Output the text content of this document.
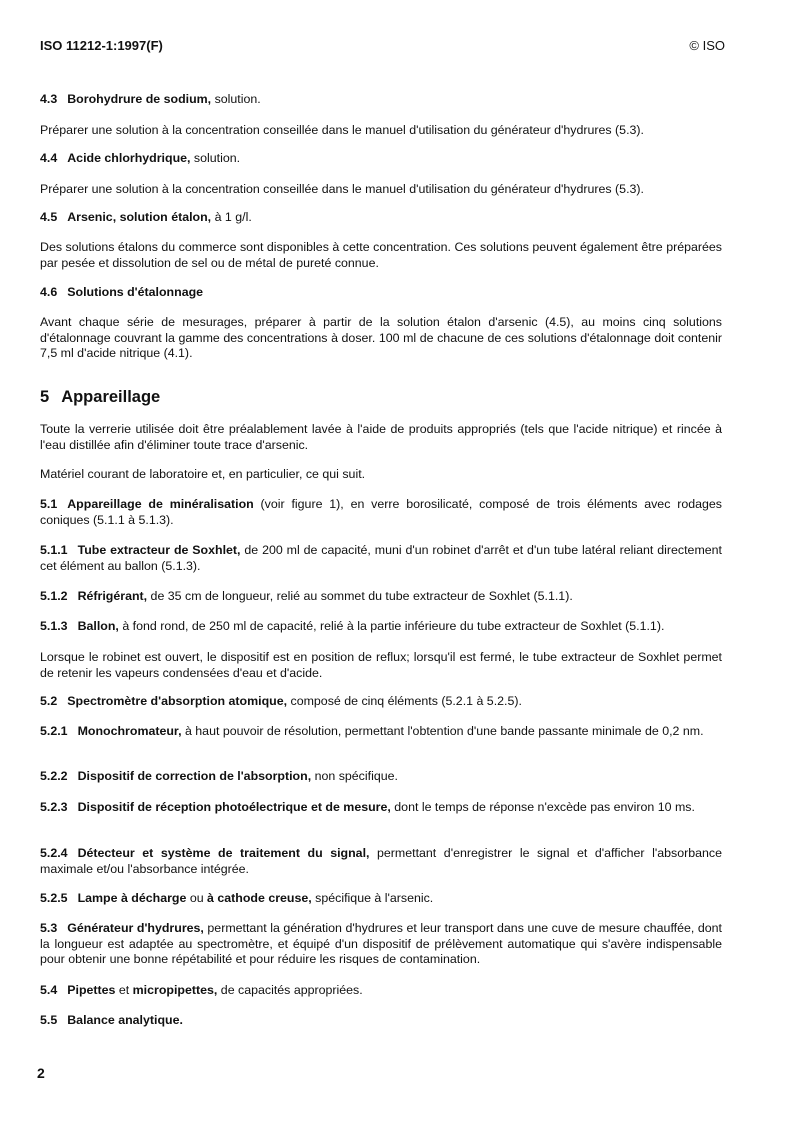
ISO 11212-1:1997(F)	© ISO

4.3 Borohydrure de sodium, solution.

Préparer une solution à la concentration conseillée dans le manuel d'utilisation du générateur d'hydrures (5.3).

4.4 Acide chlorhydrique, solution.

Préparer une solution à la concentration conseillée dans le manuel d'utilisation du générateur d'hydrures (5.3).

4.5 Arsenic, solution étalon, à 1 g/l.

Des solutions étalons du commerce sont disponibles à cette concentration. Ces solutions peuvent également être préparées par pesée et dissolution de sel ou de métal de pureté connue.

4.6 Solutions d'étalonnage

Avant chaque série de mesurages, préparer à partir de la solution étalon d'arsenic (4.5), au moins cinq solutions d'étalonnage couvrant la gamme des concentrations à doser. 100 ml de chacune de ces solutions d'étalonnage doit contenir 7,5 ml d'acide nitrique (4.1).

5 Appareillage

Toute la verrerie utilisée doit être préalablement lavée à l'aide de produits appropriés (tels que l'acide nitrique) et rincée à l'eau distillée afin d'éliminer toute trace d'arsenic.

Matériel courant de laboratoire et, en particulier, ce qui suit.

5.1 Appareillage de minéralisation (voir figure 1), en verre borosilicaté, composé de trois éléments avec rodages coniques (5.1.1 à 5.1.3).

5.1.1 Tube extracteur de Soxhlet, de 200 ml de capacité, muni d'un robinet d'arrêt et d'un tube latéral reliant directement cet élément au ballon (5.1.3).

5.1.2 Réfrigérant, de 35 cm de longueur, relié au sommet du tube extracteur de Soxhlet (5.1.1).

5.1.3 Ballon, à fond rond, de 250 ml de capacité, relié à la partie inférieure du tube extracteur de Soxhlet (5.1.1).

Lorsque le robinet est ouvert, le dispositif est en position de reflux; lorsqu'il est fermé, le tube extracteur de Soxhlet permet de retenir les vapeurs condensées d'eau et d'acide.

5.2 Spectromètre d'absorption atomique, composé de cinq éléments (5.2.1 à 5.2.5).

5.2.1 Monochromateur, à haut pouvoir de résolution, permettant l'obtention d'une bande passante minimale de 0,2 nm.

5.2.2 Dispositif de correction de l'absorption, non spécifique.

5.2.3 Dispositif de réception photoélectrique et de mesure, dont le temps de réponse n'excède pas environ 10 ms.

5.2.4 Détecteur et système de traitement du signal, permettant d'enregistrer le signal et d'afficher l'absorbance maximale et/ou l'absorbance intégrée.

5.2.5 Lampe à décharge ou à cathode creuse, spécifique à l'arsenic.

5.3 Générateur d'hydrures, permettant la génération d'hydrures et leur transport dans une cuve de mesure chauffée, dont la longueur est adaptée au spectromètre, et équipé d'un dispositif de prélèvement automatique qui s'avère indispensable pour obtenir une bonne répétabilité et pour réduire les risques de contamination.

5.4 Pipettes et micropipettes, de capacités appropriées.

5.5 Balance analytique.

2
